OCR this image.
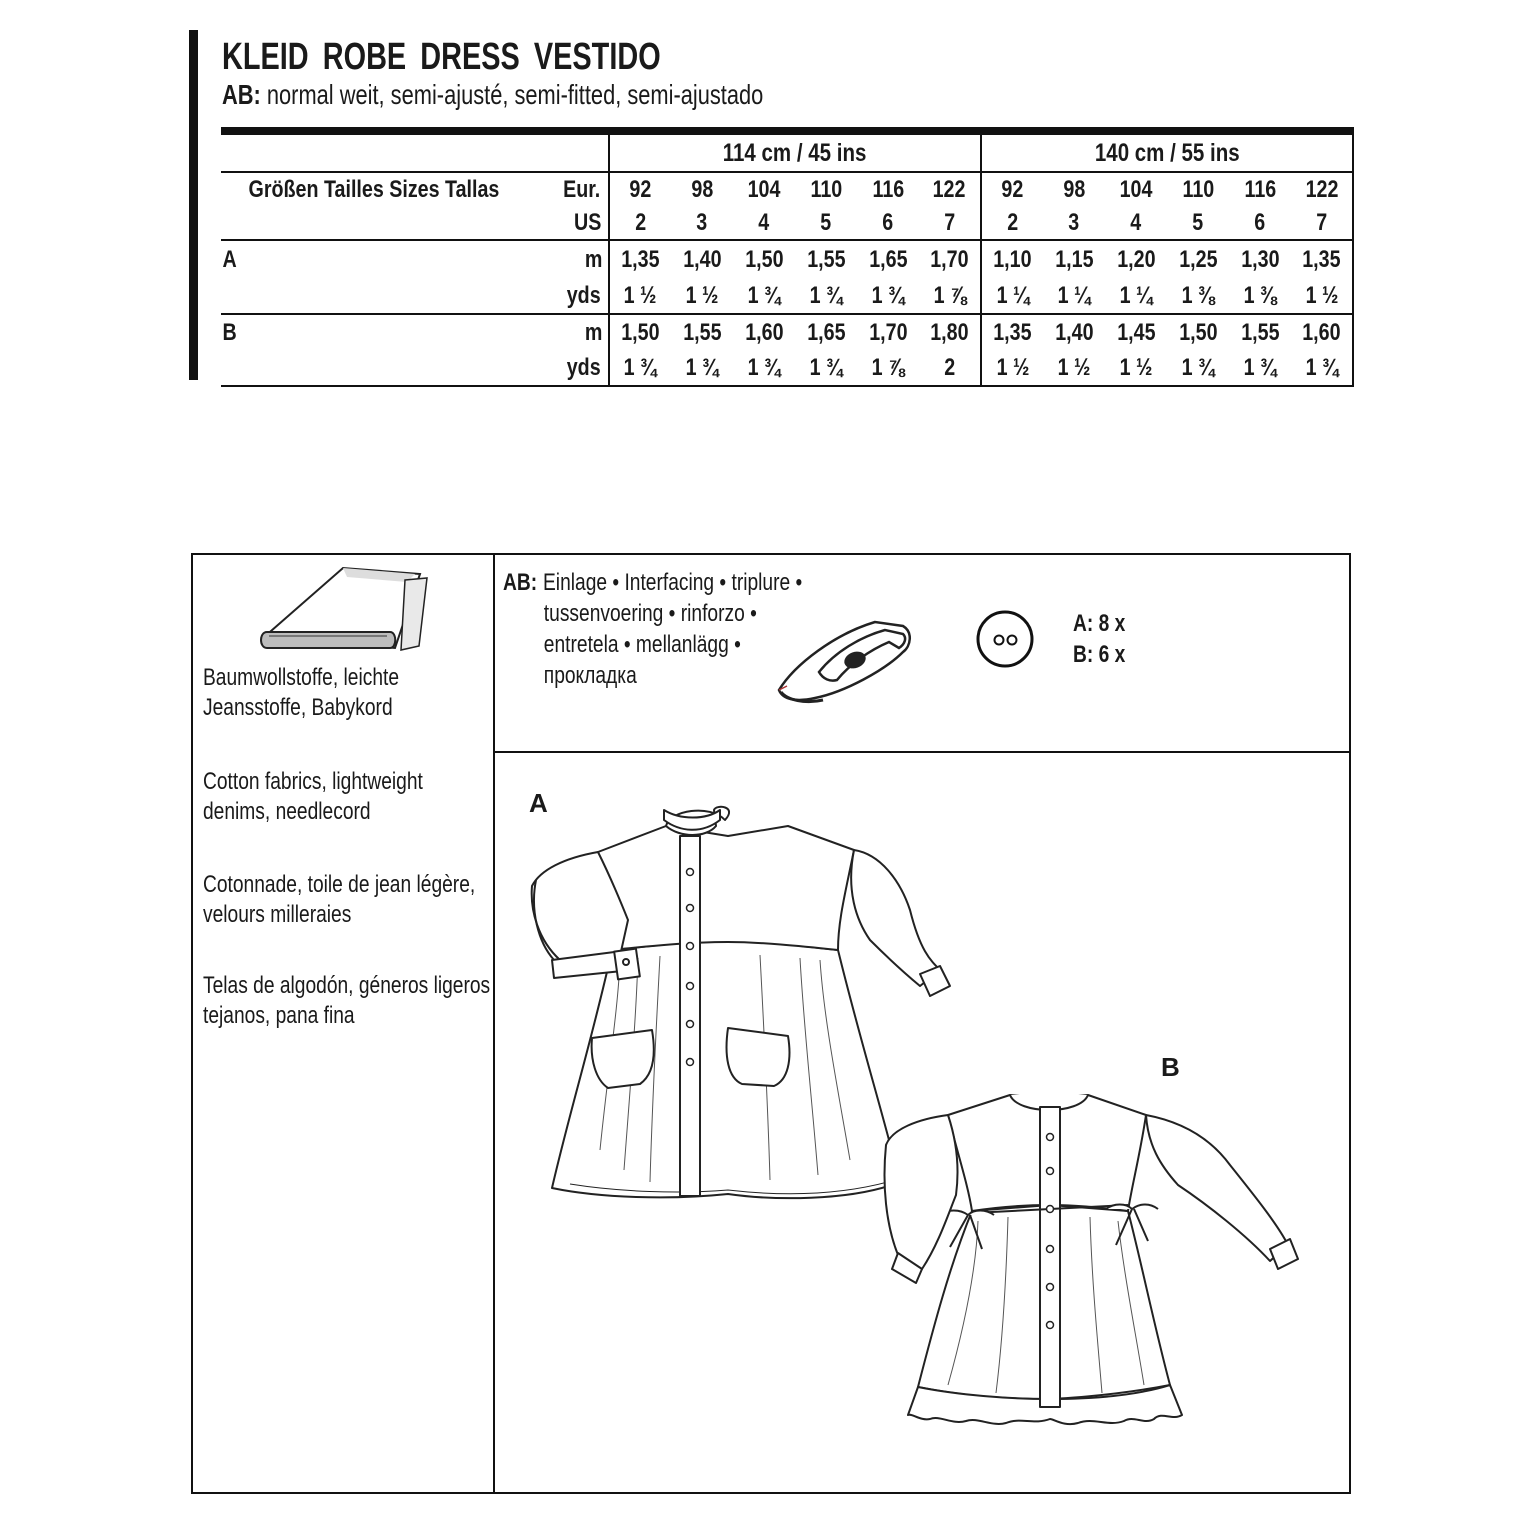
KLEID ROBE DRESS VESTIDO
AB: normal weit, semi-ajusté, semi-fitted, semi-ajustado
		114 cm / 45 ins						140 cm / 55 ins					
Größen Tailles Sizes Tallas	Eur.	92	98	104	110	116	122	92	98	104	110	116	122
	US	2	3	4	5	6	7	2	3	4	5	6	7
A	m	1,35	1,40	1,50	1,55	1,65	1,70	1,10	1,15	1,20	1,25	1,30	1,35
	yds	1 ½	1 ½	1 ¾	1 ¾	1 ¾	1 ⅞	1 ¼	1 ¼	1 ¼	1 ⅜	1 ⅜	1 ½
B	m	1,50	1,55	1,60	1,65	1,70	1,80	1,35	1,40	1,45	1,50	1,55	1,60
	yds	1 ¾	1 ¾	1 ¾	1 ¾	1 ⅞	2	1 ½	1 ½	1 ½	1 ¾	1 ¾	1 ¾
Baumwollstoffe, leichte
Jeansstoffe, Babykord
Cotton fabrics, lightweight
denims, needlecord
Cotonnade, toile de jean légère,
velours milleraies
Telas de algodón, géneros ligeros
tejanos, pana fina
AB: Einlage • Interfacing • triplure •
tussenvoering • rinforzo •
entretela • mellanlägg •
прокладка
A: 8 x
B: 6 x
A
B
